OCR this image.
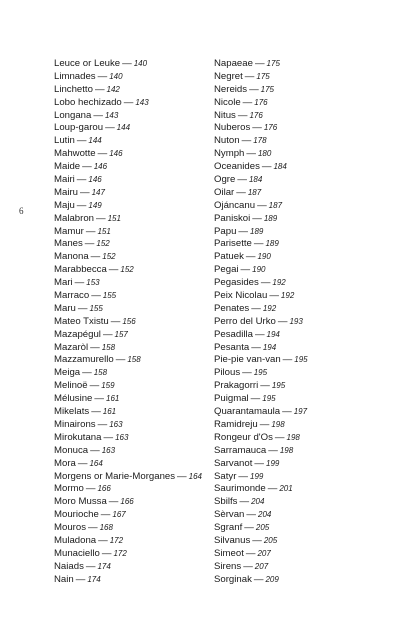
6
Leuce or Leuke — 140
Limnades — 140
Linchetto — 142
Lobo hechizado — 143
Longana — 143
Loup-garou — 144
Lutin — 144
Mahwotte — 146
Maide — 146
Mairi — 146
Mairu — 147
Maju — 149
Malabron — 151
Mamur — 151
Manes — 152
Manona — 152
Marabbecca — 152
Mari — 153
Marraco — 155
Maru — 155
Mateo Txistu — 156
Mazapégul — 157
Mazaròl — 158
Mazzamurello — 158
Meiga — 158
Melinoë — 159
Mélusine — 161
Mikelats — 161
Minairons — 163
Mirokutana — 163
Monuca — 163
Mora — 164
Morgens or Marie-Morganes — 164
Mormo — 166
Moro Mussa — 166
Mourioche — 167
Mouros — 168
Muladona — 172
Munaciello — 172
Naiads — 174
Nain — 174
Napaeae — 175
Negret — 175
Nereids — 175
Nicole — 176
Nitus — 176
Nuberos — 176
Nuton — 178
Nymph — 180
Oceanides — 184
Ogre — 184
Oilar — 187
Ojáncanu — 187
Paniskoi — 189
Papu — 189
Parisette — 189
Patuek — 190
Pegai — 190
Pegasides — 192
Peix Nicolau — 192
Penates — 192
Perro del Urko — 193
Pesadilla — 194
Pesanta — 194
Pie-pie van-van — 195
Pilous — 195
Prakagorri — 195
Puigmal — 195
Quarantamaula — 197
Ramidreju — 198
Rongeur d'Os — 198
Sarramauca — 198
Sarvanot — 199
Satyr — 199
Saurimonde — 201
Sbilfs — 204
Sèrvan — 204
Sgranf — 205
Silvanus — 205
Simeot — 207
Sirens — 207
Sorginak — 209
